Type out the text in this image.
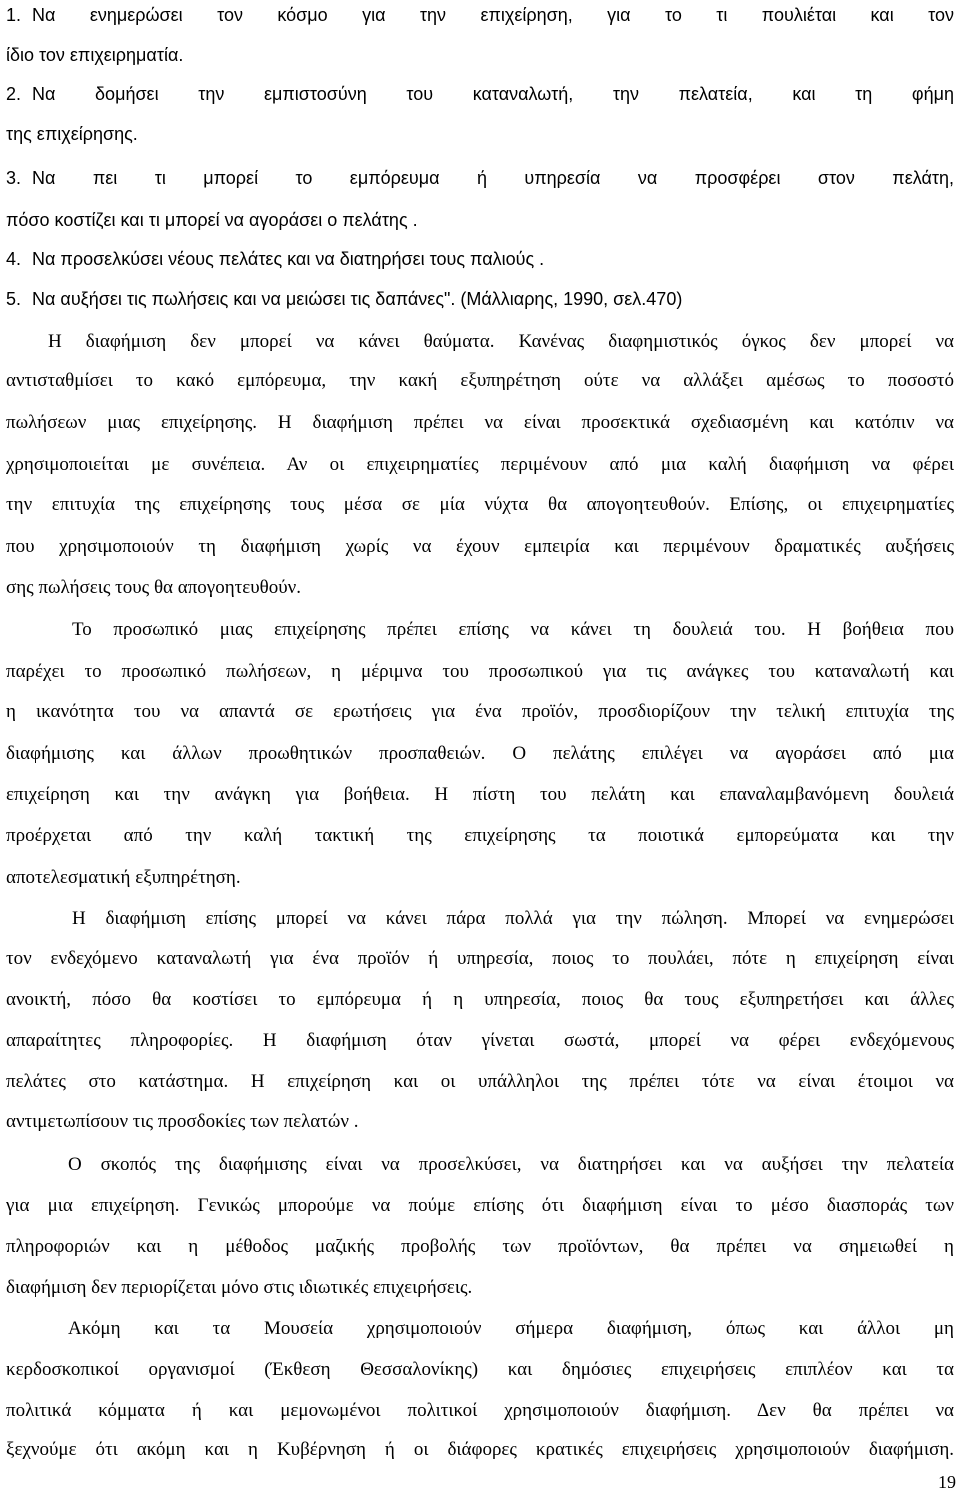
1. Να ενημερώσει τον κόσμο για την επιχείρηση, για το τι πουλιέται και τον
ίδιο τον επιχειρηματία.
2. Να δομήσει την εμπιστοσύνη του καταναλωτή, την πελατεία, και τη φήμη
της επιχείρησης.
3. Να πει τι μπορεί το εμπόρευμα ή υπηρεσία να προσφέρει στον πελάτη,
πόσο κοστίζει και τι μπορεί να αγοράσει ο πελάτης .
4. Να προσελκύσει νέους πελάτες και να διατηρήσει τους παλιούς .
5. Να αυξήσει τις πωλήσεις και να μειώσει τις δαπάνες". (Μάλλιαρης, 1990, σελ.470)
Η διαφήμιση δεν μπορεί να κάνει θαύματα. Κανένας διαφημιστικός όγκος δεν μπορεί να
αντισταθμίσει το κακό εμπόρευμα, την κακή εξυπηρέτηση ούτε να αλλάξει αμέσως το ποσοστό
πωλήσεων μιας επιχείρησης. Η διαφήμιση πρέπει να είναι προσεκτικά σχεδιασμένη και κατόπιν να
χρησιμοποιείται με συνέπεια. Αν οι επιχειρηματίες περιμένουν από μια καλή διαφήμιση να φέρει
την επιτυχία της επιχείρησης τους μέσα σε μία νύχτα θα απογοητευθούν. Επίσης, οι επιχειρηματίες
που χρησιμοποιούν τη διαφήμιση χωρίς να έχουν εμπειρία και περιμένουν δραματικές αυξήσεις
σης πωλήσεις τους θα απογοητευθούν.
Το προσωπικό μιας επιχείρησης πρέπει επίσης να κάνει τη δουλειά του. Η βοήθεια που
παρέχει το προσωπικό πωλήσεων, η μέριμνα του προσωπικού για τις ανάγκες του καταναλωτή και
η ικανότητα του να απαντά σε ερωτήσεις για ένα προϊόν, προσδιορίζουν την τελική επιτυχία της
διαφήμισης και άλλων προωθητικών προσπαθειών. Ο πελάτης επιλέγει να αγοράσει από μια
επιχείρηση και την ανάγκη για βοήθεια. Η πίστη του πελάτη και επαναλαμβανόμενη δουλειά
προέρχεται από την καλή τακτική της επιχείρησης τα ποιοτικά εμπορεύματα και την
αποτελεσματική εξυπηρέτηση.
Η διαφήμιση επίσης μπορεί να κάνει πάρα πολλά για την πώληση. Μπορεί να ενημερώσει
τον ενδεχόμενο καταναλωτή για ένα προϊόν ή υπηρεσία, ποιος το πουλάει, πότε η επιχείρηση είναι
ανοικτή, πόσο θα κοστίσει το εμπόρευμα ή η υπηρεσία, ποιος θα τους εξυπηρετήσει και άλλες
απαραίτητες πληροφορίες. Η διαφήμιση όταν γίνεται σωστά, μπορεί να φέρει ενδεχόμενους
πελάτες στο κατάστημα. Η επιχείρηση και οι υπάλληλοι της πρέπει τότε να είναι έτοιμοι να
αντιμετωπίσουν τις προσδοκίες των πελατών .
Ο σκοπός της διαφήμισης είναι να προσελκύσει, να διατηρήσει και να αυξήσει την πελατεία
για μια επιχείρηση. Γενικώς μπορούμε να πούμε επίσης ότι διαφήμιση είναι το μέσο διασποράς των
πληροφοριών και η μέθοδος μαζικής προβολής των προϊόντων, θα πρέπει να σημειωθεί η
διαφήμιση δεν περιορίζεται μόνο στις ιδιωτικές επιχειρήσεις.
Ακόμη και τα Μουσεία χρησιμοποιούν σήμερα διαφήμιση, όπως και άλλοι μη
κερδοσκοπικοί οργανισμοί (Έκθεση Θεσσαλονίκης) και δημόσιες επιχειρήσεις επιπλέον και τα
πολιτικά κόμματα ή και μεμονωμένοι πολιτικοί χρησιμοποιούν διαφήμιση. Δεν θα πρέπει να
ξεχνούμε ότι ακόμη και η Κυβέρνηση ή οι διάφορες κρατικές επιχειρήσεις χρησιμοποιούν διαφήμιση.
19
